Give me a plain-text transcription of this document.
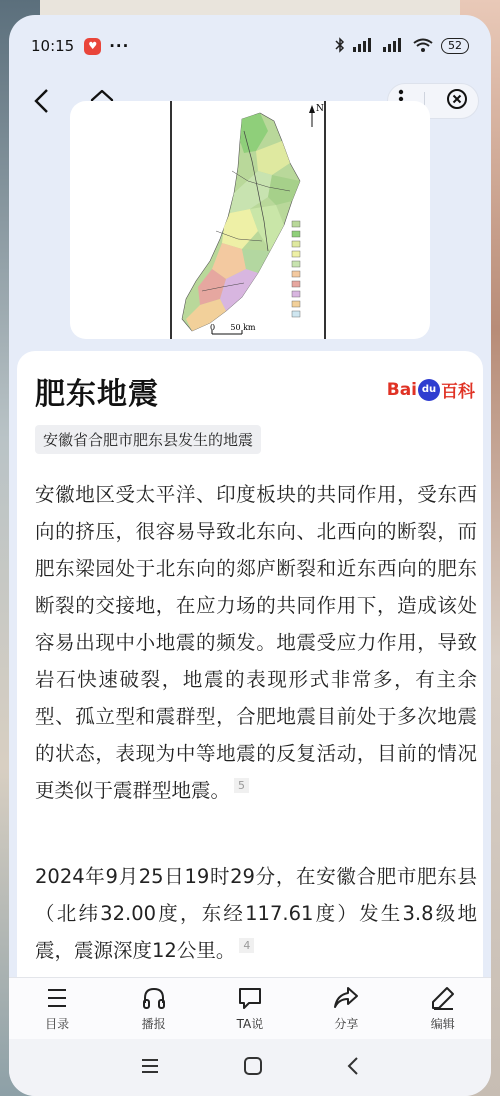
10:15	♥ ···	52
N
0      50 km
肥东地震	Bai du 百科
安徽省合肥市肥东县发生的地震
安徽地区受太平洋、印度板块的共同作用，受东西向的挤压，很容易导致北东向、北西向的断裂，而肥东梁园处于北东向的郯庐断裂和近东西向的肥东断裂的交接地，在应力场的共同作用下，造成该处容易出现中小地震的频发。地震受应力作用，导致岩石快速破裂，地震的表现形式非常多，有主余型、孤立型和震群型，合肥地震目前处于多次地震的状态，表现为中等地震的反复活动，目前的情况更类似于震群型地震。 5
2024年9月25日19时29分，在安徽合肥市肥东县（北纬32.00度，东经117.61度）发生3.8级地震，震源深度12公里。 4
目录	播报	TA说	分享	编辑
